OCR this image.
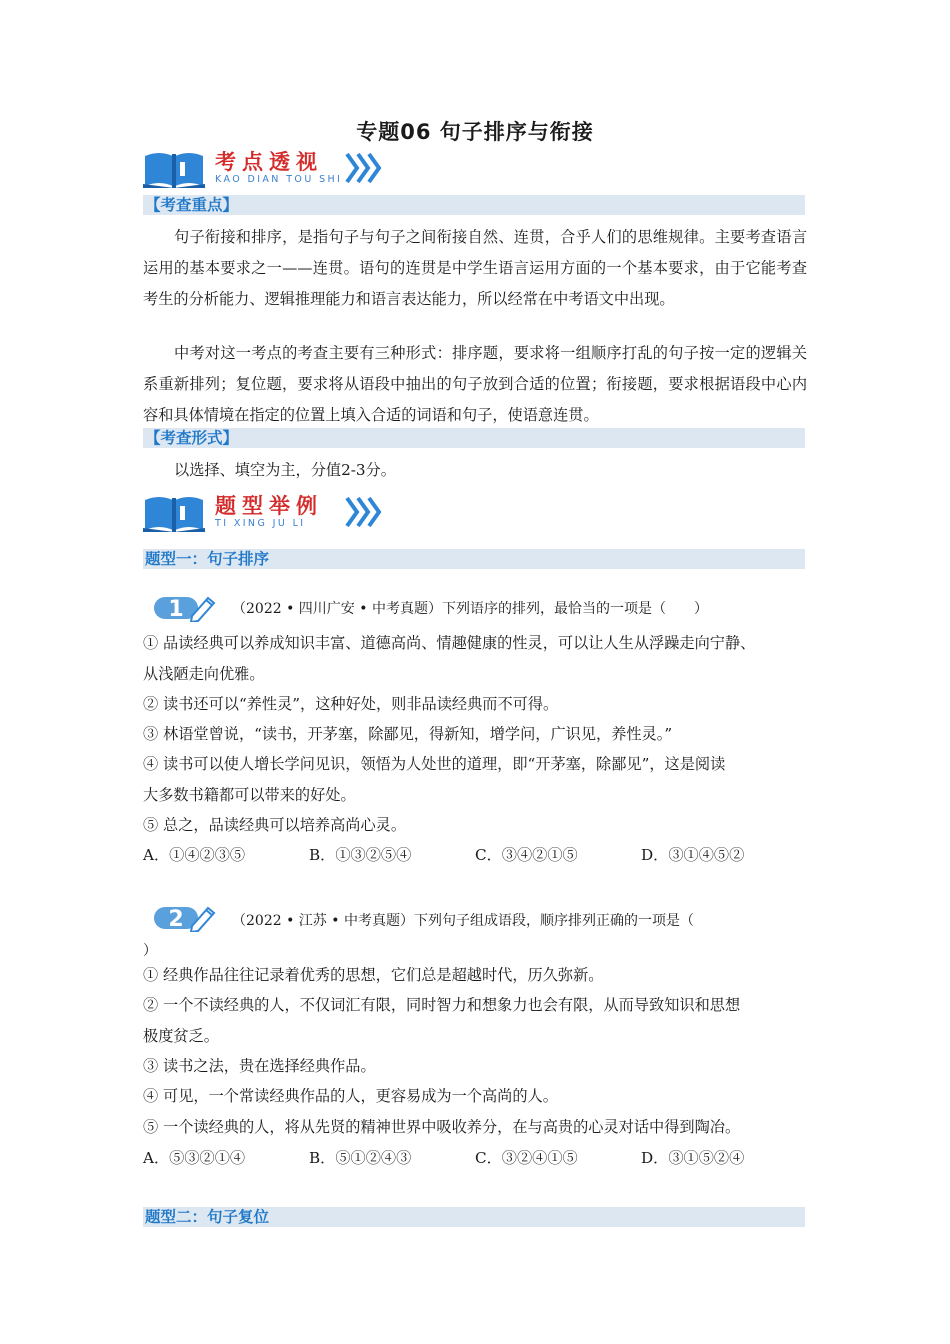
专题06 句子排序与衔接
考点透视
KAO DIAN TOU SHI
【考查重点】
句子衔接和排序，是指句子与句子之间衔接自然、连贯，合乎人们的思维规律。主要考查语言运用的基本要求之一——连贯。语句的连贯是中学生语言运用方面的一个基本要求，由于它能考查考生的分析能力、逻辑推理能力和语言表达能力，所以经常在中考语文中出现。
中考对这一考点的考查主要有三种形式：排序题，要求将一组顺序打乱的句子按一定的逻辑关系重新排列；复位题，要求将从语段中抽出的句子放到合适的位置；衔接题，要求根据语段中心内容和具体情境在指定的位置上填入合适的词语和句子，使语意连贯。
【考查形式】
以选择、填空为主，分值2-3分。
题型举例
TI XING JU LI
题型一：句子排序
1	（2022 • 四川广安 • 中考真题）下列语序的排列，最恰当的一项是（　　）
① 品读经典可以养成知识丰富、道德高尚、情趣健康的性灵，可以让人生从浮躁走向宁静、
从浅陋走向优雅。
② 读书还可以“养性灵”，这种好处，则非品读经典而不可得。
③ 林语堂曾说，“读书，开茅塞，除鄙见，得新知，增学问，广识见，养性灵。”
④ 读书可以使人增长学问见识，领悟为人处世的道理，即“开茅塞，除鄙见”，这是阅读
大多数书籍都可以带来的好处。
⑤ 总之，品读经典可以培养高尚心灵。
A．①④②③⑤	B．①③②⑤④	C．③④②①⑤	D．③①④⑤②
2	（2022 • 江苏 • 中考真题）下列句子组成语段，顺序排列正确的一项是（
）
① 经典作品往往记录着优秀的思想，它们总是超越时代，历久弥新。
② 一个不读经典的人，不仅词汇有限，同时智力和想象力也会有限，从而导致知识和思想
极度贫乏。
③ 读书之法，贵在选择经典作品。
④ 可见，一个常读经典作品的人，更容易成为一个高尚的人。
⑤ 一个读经典的人，将从先贤的精神世界中吸收养分，在与高贵的心灵对话中得到陶冶。
A．⑤③②①④	B．⑤①②④③	C．③②④①⑤	D．③①⑤②④
题型二：句子复位
